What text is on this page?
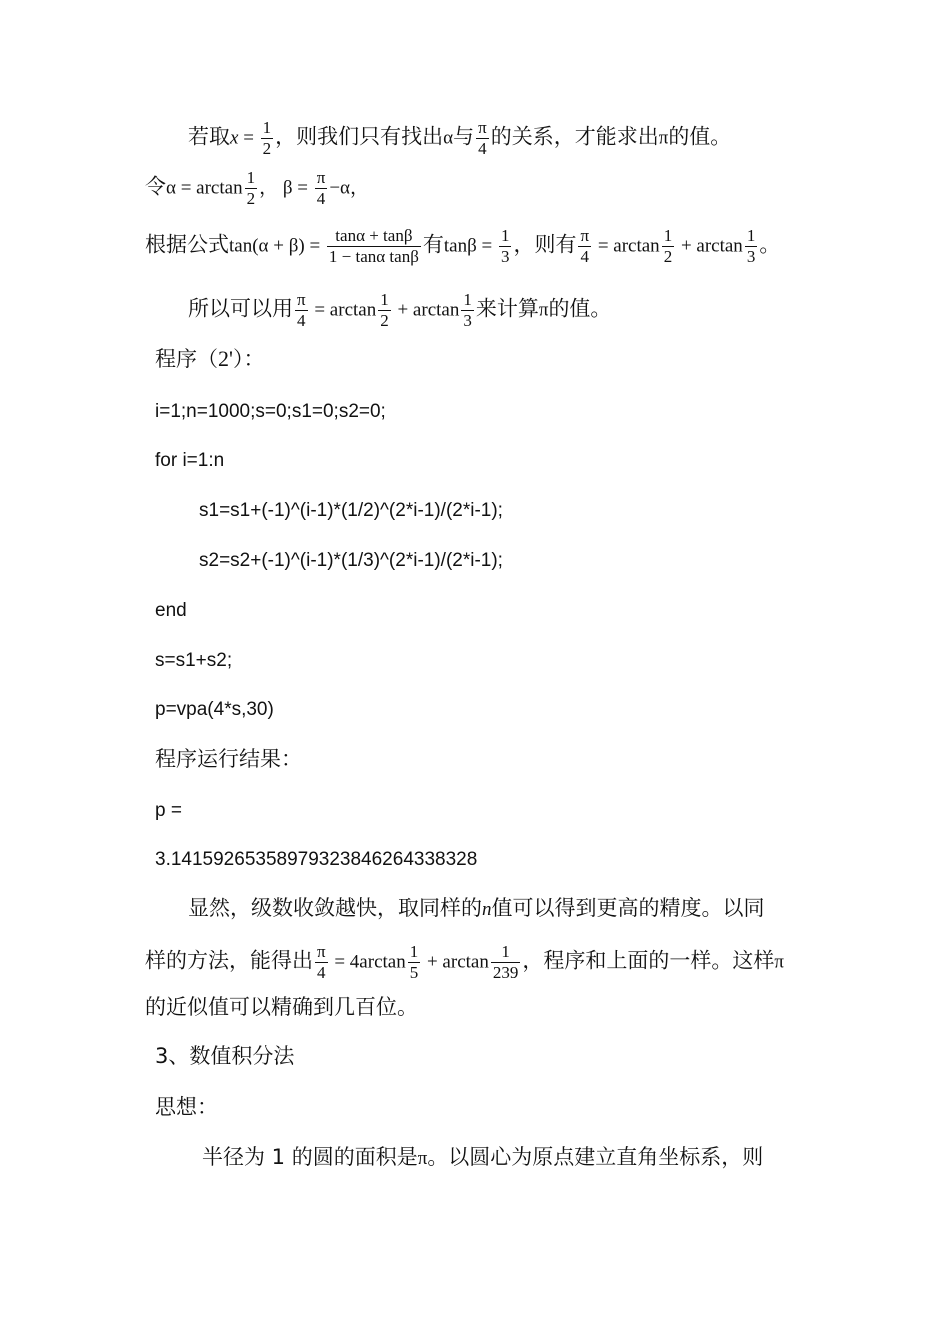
若取$x = \frac{1}{2}$ ，则我们只有找出α与 $\frac{\pi}{4}$ 的关系，才能求出π的值。
令$\alpha = \arctan \frac{1}{2}$ ， $\beta = \frac{\pi}{4} -\alpha$，
根据公式$\tan(\alpha + \beta) = \frac{\tan\alpha + \tan\beta}{\text{1 − tanα tanβ}}$ 有$\tan\beta = \frac{1}{3}$ ，则有 $\frac{\pi}{4} = \arctan \frac{1}{2} + \arctan \frac{1}{3}$ 。
所以可以用 $\frac{\pi}{4} = \arctan \frac{1}{2} + \arctan \frac{1}{3}$ 来计算π的值。
程序（2'）：
i=1;n=1000;s=0;s1=0;s2=0;
for i=1:n
s1=s1+(-1)^(i-1)*(1/2)^(2*i-1)/(2*i-1);
s2=s2+(-1)^(i-1)*(1/3)^(2*i-1)/(2*i-1);
end
s=s1+s2;
p=vpa(4*s,30)
程序运行结果：
p =
3.14159265358979323846264338328
显然，级数收敛越快，取同样的n值可以得到更高的精度。以同
样的方法，能得出 $\frac{\pi}{4} = 4\arctan \frac{1}{5} + \arctan \frac{1}{239}$ ，程序和上面的一样。这样π
的近似值可以精确到几百位。
3、数值积分法
思想：
半径为 1 的圆的面积是π。以圆心为原点建立直角坐标系，则
